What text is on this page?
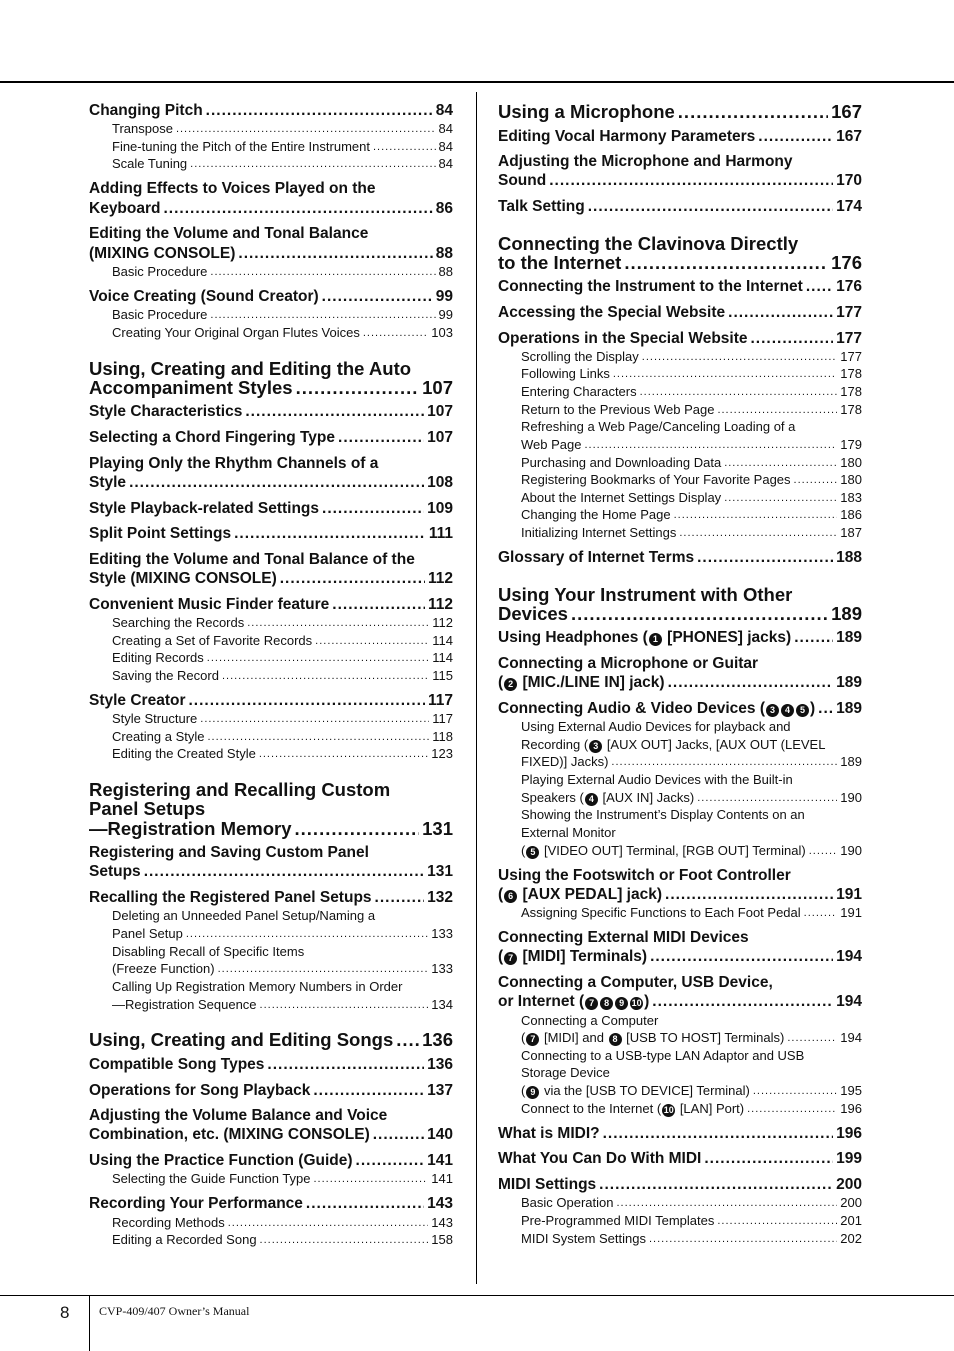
Changing Pitch .....	84
Transpose .....	84
Fine-tuning the Pitch of the Entire Instrument .....	84
Scale Tuning .....	84
Adding Effects to Voices Played on the
Keyboard .....	86
Editing the Volume and Tonal Balance
(MIXING CONSOLE) .....	88
Basic Procedure .....	88
Voice Creating (Sound Creator) .....	99
Basic Procedure .....	99
Creating Your Original Organ Flutes Voices .....	103
Using, Creating and Editing the Auto
Accompaniment Styles .....	107
Style Characteristics .....	107
Selecting a Chord Fingering Type .....	107
Playing Only the Rhythm Channels of a
Style .....	108
Style Playback-related Settings .....	109
Split Point Settings .....	111
Editing the Volume and Tonal Balance of the
Style (MIXING CONSOLE) .....	112
Convenient Music Finder feature .....	112
Searching the Records .....	112
Creating a Set of Favorite Records .....	114
Editing Records .....	114
Saving the Record .....	115
Style Creator .....	117
Style Structure .....	117
Creating a Style .....	118
Editing the Created Style .....	123
Registering and Recalling Custom
Panel Setups
—Registration Memory .....	131
Registering and Saving Custom Panel
Setups .....	131
Recalling the Registered Panel Setups .....	132
Deleting an Unneeded Panel Setup/Naming a
Panel Setup .....	133
Disabling Recall of Specific Items
(Freeze Function) .....	133
Calling Up Registration Memory Numbers in Order
—Registration Sequence .....	134
Using, Creating and Editing Songs ..... 136
Compatible Song Types .....	136
Operations for Song Playback .....	137
Adjusting the Volume Balance and Voice
Combination, etc. (MIXING CONSOLE) .....	140
Using the Practice Function (Guide) .....	141
Selecting the Guide Function Type .....	141
Recording Your Performance .....	143
Recording Methods .....	143
Editing a Recorded Song .....	158
Using a Microphone .....	167
Editing Vocal Harmony Parameters .....	167
Adjusting the Microphone and Harmony
Sound .....	170
Talk Setting .....	174
Connecting the Clavinova Directly
to the Internet .....	176
Connecting the Instrument to the Internet ..... 176
Accessing the Special Website .....	177
Operations in the Special Website .....	177
Scrolling the Display .....	177
Following Links .....	178
Entering Characters .....	178
Return to the Previous Web Page .....	178
Refreshing a Web Page/Canceling Loading of a
Web Page .....	179
Purchasing and Downloading Data .....	180
Registering Bookmarks of Your Favorite Pages .....	180
About the Internet Settings Display .....	183
Changing the Home Page .....	186
Initializing Internet Settings .....	187
Glossary of Internet Terms .....	188
Using Your Instrument with Other
Devices .....	189
Using Headphones ( 1 [PHONES] jacks) .....	189
Connecting a Microphone or Guitar
( 2 [MIC./LINE IN] jack) .....	189
Connecting Audio & Video Devices ( 3 4 5 ) ..... 189
Using External Audio Devices for playback and
Recording ( 3 [AUX OUT] Jacks, [AUX OUT (LEVEL
FIXED)] Jacks) .....	189
Playing External Audio Devices with the Built-in
Speakers ( 4 [AUX IN] Jacks) .....	190
Showing the Instrument’s Display Contents on an
External Monitor
( 5 [VIDEO OUT] Terminal, [RGB OUT] Terminal) .....	190
Using the Footswitch or Foot Controller
( 6 [AUX PEDAL] jack) .....	191
Assigning Specific Functions to Each Foot Pedal .....	191
Connecting External MIDI Devices
( 7 [MIDI] Terminals) .....	194
Connecting a Computer, USB Device,
or Internet ( 7 8 9 10 ) .....	194
Connecting a Computer
( 7 [MIDI] and 8 [USB TO HOST] Terminals) .....	194
Connecting to a USB-type LAN Adaptor and USB
Storage Device
( 9 via the [USB TO DEVICE] Terminal) .....	195
Connect to the Internet ( 10 [LAN] Port) .....	196
What is MIDI? .....	196
What You Can Do With MIDI .....	199
MIDI Settings .....	200
Basic Operation .....	200
Pre-Programmed MIDI Templates .....	201
MIDI System Settings .....	202
8 CVP-409/407 Owner’s Manual
